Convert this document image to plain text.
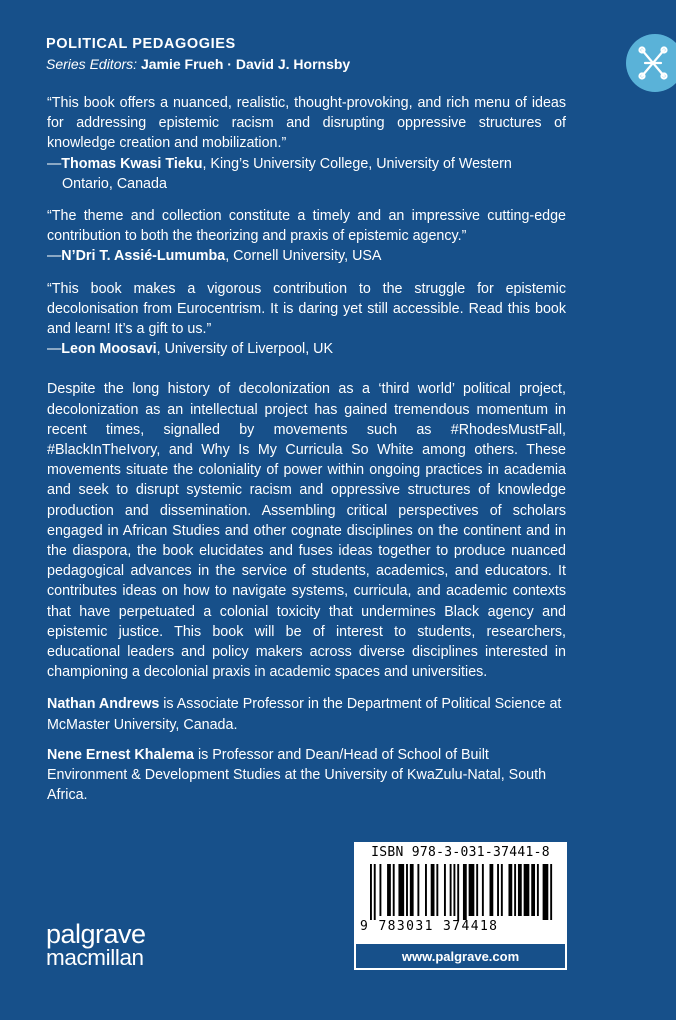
POLITICAL PEDAGOGIES
Series Editors: Jamie Frueh · David J. Hornsby

“This book offers a nuanced, realistic, thought-provoking, and rich menu of ideas for addressing epistemic racism and disrupting oppressive structures of knowledge creation and mobilization.”

—Thomas Kwasi Tieku, King’s University College, University of Western Ontario, Canada

“The theme and collection constitute a timely and an impressive cutting-edge contribution to both the theorizing and praxis of epistemic agency.”

—N’Dri T. Assié-Lumumba, Cornell University, USA

“This book makes a vigorous contribution to the struggle for epistemic decolonisation from Eurocentrism. It is daring yet still accessible. Read this book and learn! It’s a gift to us.”

—Leon Moosavi, University of Liverpool, UK

Despite the long history of decolonization as a ‘third world’ political project, decolonization as an intellectual project has gained tremendous momentum in recent times, signalled by movements such as #RhodesMustFall, #BlackInTheIvory, and Why Is My Curricula So White among others. These movements situate the coloniality of power within ongoing practices in academia and seek to disrupt systemic racism and oppressive structures of knowledge production and dissemination. Assembling critical perspectives of scholars engaged in African Studies and other cognate disciplines on the continent and in the diaspora, the book elucidates and fuses ideas together to produce nuanced pedagogical advances in the service of students, academics, and educators. It contributes ideas on how to navigate systems, curricula, and academic contexts that have perpetuated a colonial toxicity that undermines Black agency and epistemic justice. This book will be of interest to students, researchers, educational leaders and policy makers across diverse disciplines interested in championing a decolonial praxis in academic spaces and universities.

Nathan Andrews is Associate Professor in the Department of Political Science at McMaster University, Canada.

Nene Ernest Khalema is Professor and Dean/Head of School of Built Environment & Development Studies at the University of KwaZulu-Natal, South Africa.

ISBN 978-3-031-37441-8
9 783031 374418
www.palgrave.com
palgrave
macmillan
